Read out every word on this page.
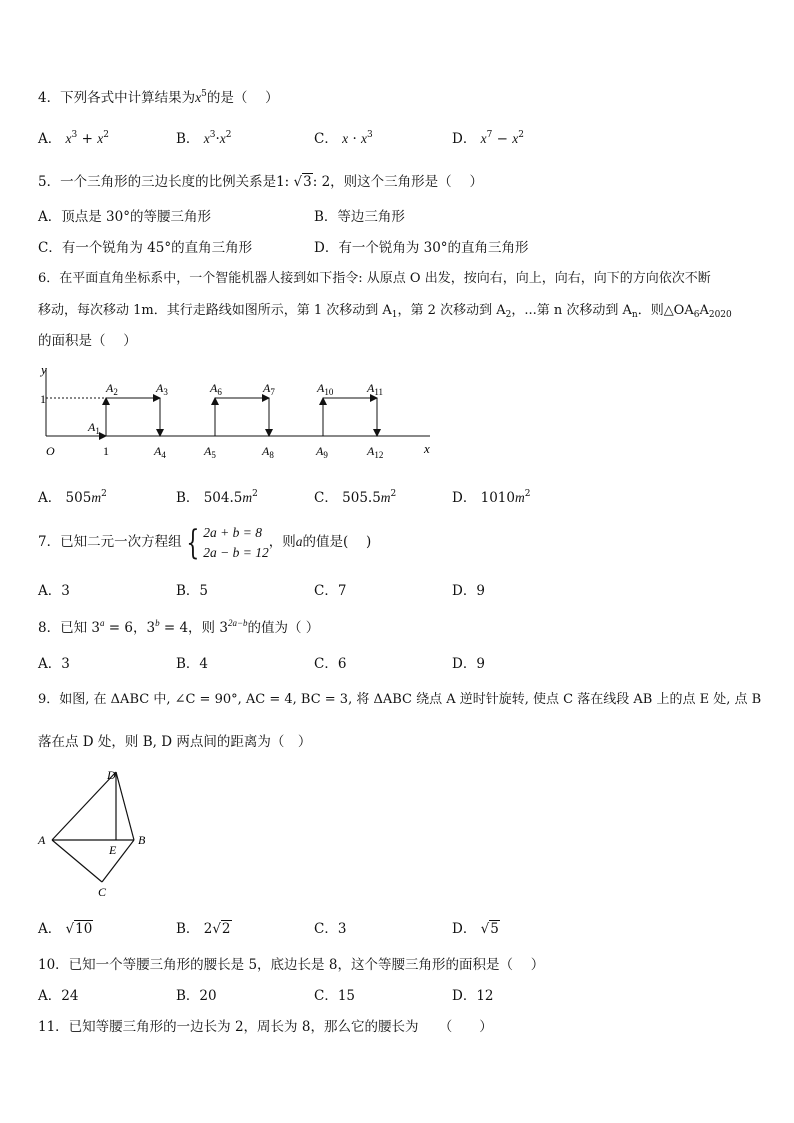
4．下列各式中计算结果为$x^5$的是（　 ）
A． $x^3 + x^2$	B． $x^3\cdot x^2$	C． $x \cdot x^3$	D． $x^7 - x^2$
5．一个三角形的三边长度的比例关系是1: √3: 2，则这个三角形是（　 ）
A．顶点是 30°的等腰三角形	B．等边三角形
C．有一个锐角为 45°的直角三角形	D．有一个锐角为 30°的直角三角形
6．在平面直角坐标系中，一个智能机器人接到如下指令: 从原点 O 出发，按向右，向上，向右，向下的方向依次不断
移动，每次移动 1m．其行走路线如图所示，第 1 次移动到 $A_1$，第 2 次移动到 $A_2$，...第 n 次移动到 $A_n$．则$\triangle OA_6A_{2020}$
的面积是（　 ）
y
x
O
1
1
$A_1$
$A_2$	$A_3$
$A_4$	$A_5$
$A_6$	$A_7$
$A_8$	$A_9$
$A_{10}$	$A_{11}$
$A_{12}$
A． $505m^2$	B． $504.5m^2$	C． $505.5m^2$	D． $1010m^2$
7．已知二元一次方程组 { 2a + b = 8
2a − b = 12，则a的值是(　 )
A．3	B．5	C．7	D．9
8．已知 $3^a = 6$，$3^b = 4$，则 $3^{2a-b}$的值为（ ）
A．3	B．4	C．6	D．9
9．如图, 在 ΔABC 中, ∠C = 90°, AC = 4, BC = 3, 将 ΔABC 绕点 A 逆时针旋转, 使点 C 落在线段 AB 上的点 E 处, 点 B
落在点 D 处，则 B, D 两点间的距离为（　）
D
A
E
B
C
A． √10	B． 2√2	C．3	D． √5
10．已知一个等腰三角形的腰长是 5，底边长是 8，这个等腰三角形的面积是（　 ）
A．24	B．20	C．15	D．12
11．已知等腰三角形的一边长为 2，周长为 8，那么它的腰长为　　（　　）
